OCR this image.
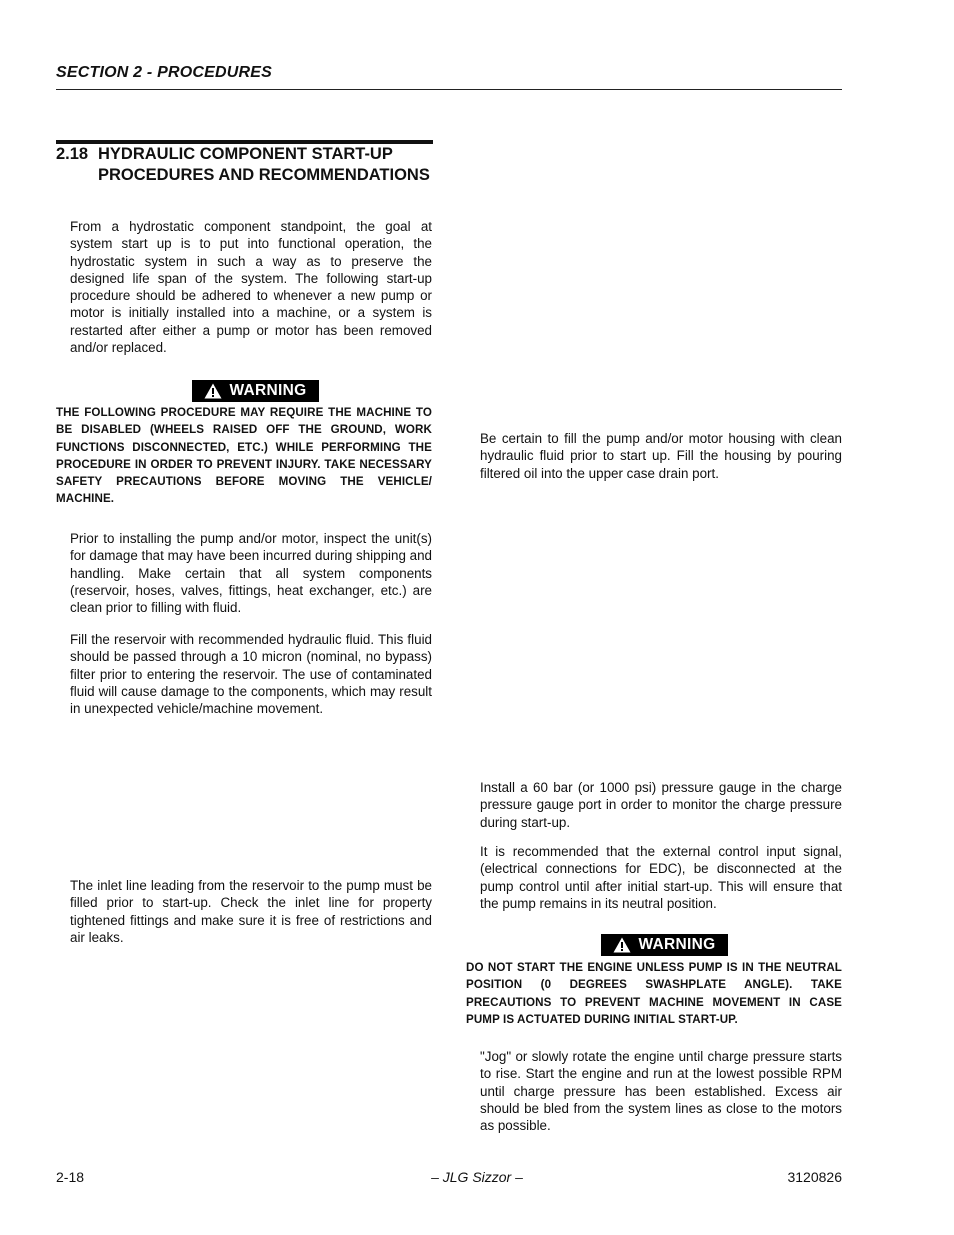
SECTION 2 - PROCEDURES
2.18 HYDRAULIC COMPONENT START-UP PROCEDURES AND RECOMMENDATIONS

From a hydrostatic component standpoint, the goal at system start up is to put into functional operation, the hydrostatic system in such a way as to preserve the designed life span of the system. The following start-up procedure should be adhered to whenever a new pump or motor is initially installed into a machine, or a system is restarted after either a pump or motor has been removed and/or replaced.

WARNING

THE FOLLOWING PROCEDURE MAY REQUIRE THE MACHINE TO BE DISABLED (WHEELS RAISED OFF THE GROUND, WORK FUNCTIONS DISCONNECTED, ETC.) WHILE PERFORMING THE PROCEDURE IN ORDER TO PREVENT INJURY. TAKE NECESSARY SAFETY PRECAUTIONS BEFORE MOVING THE VEHICLE/ MACHINE.

Prior to installing the pump and/or motor, inspect the unit(s) for damage that may have been incurred during shipping and handling. Make certain that all system components (reservoir, hoses, valves, fittings, heat exchanger, etc.) are clean prior to filling with fluid.

Fill the reservoir with recommended hydraulic fluid. This fluid should be passed through a 10 micron (nominal, no bypass) filter prior to entering the reservoir. The use of contaminated fluid will cause damage to the components, which may result in unexpected vehicle/machine movement.

The inlet line leading from the reservoir to the pump must be filled prior to start-up. Check the inlet line for property tightened fittings and make sure it is free of restrictions and air leaks.

Be certain to fill the pump and/or motor housing with clean hydraulic fluid prior to start up. Fill the housing by pouring filtered oil into the upper case drain port.

Install a 60 bar (or 1000 psi) pressure gauge in the charge pressure gauge port in order to monitor the charge pressure during start-up.

It is recommended that the external control input signal, (electrical connections for EDC), be disconnected at the pump control until after initial start-up. This will ensure that the pump remains in its neutral position.

WARNING

DO NOT START THE ENGINE UNLESS PUMP IS IN THE NEUTRAL POSITION (0 DEGREES SWASHPLATE ANGLE). TAKE PRECAUTIONS TO PREVENT MACHINE MOVEMENT IN CASE PUMP IS ACTUATED DURING INITIAL START-UP.

"Jog" or slowly rotate the engine until charge pressure starts to rise. Start the engine and run at the lowest possible RPM until charge pressure has been established. Excess air should be bled from the system lines as close to the motors as possible.

2-18	– JLG Sizzor –	3120826
